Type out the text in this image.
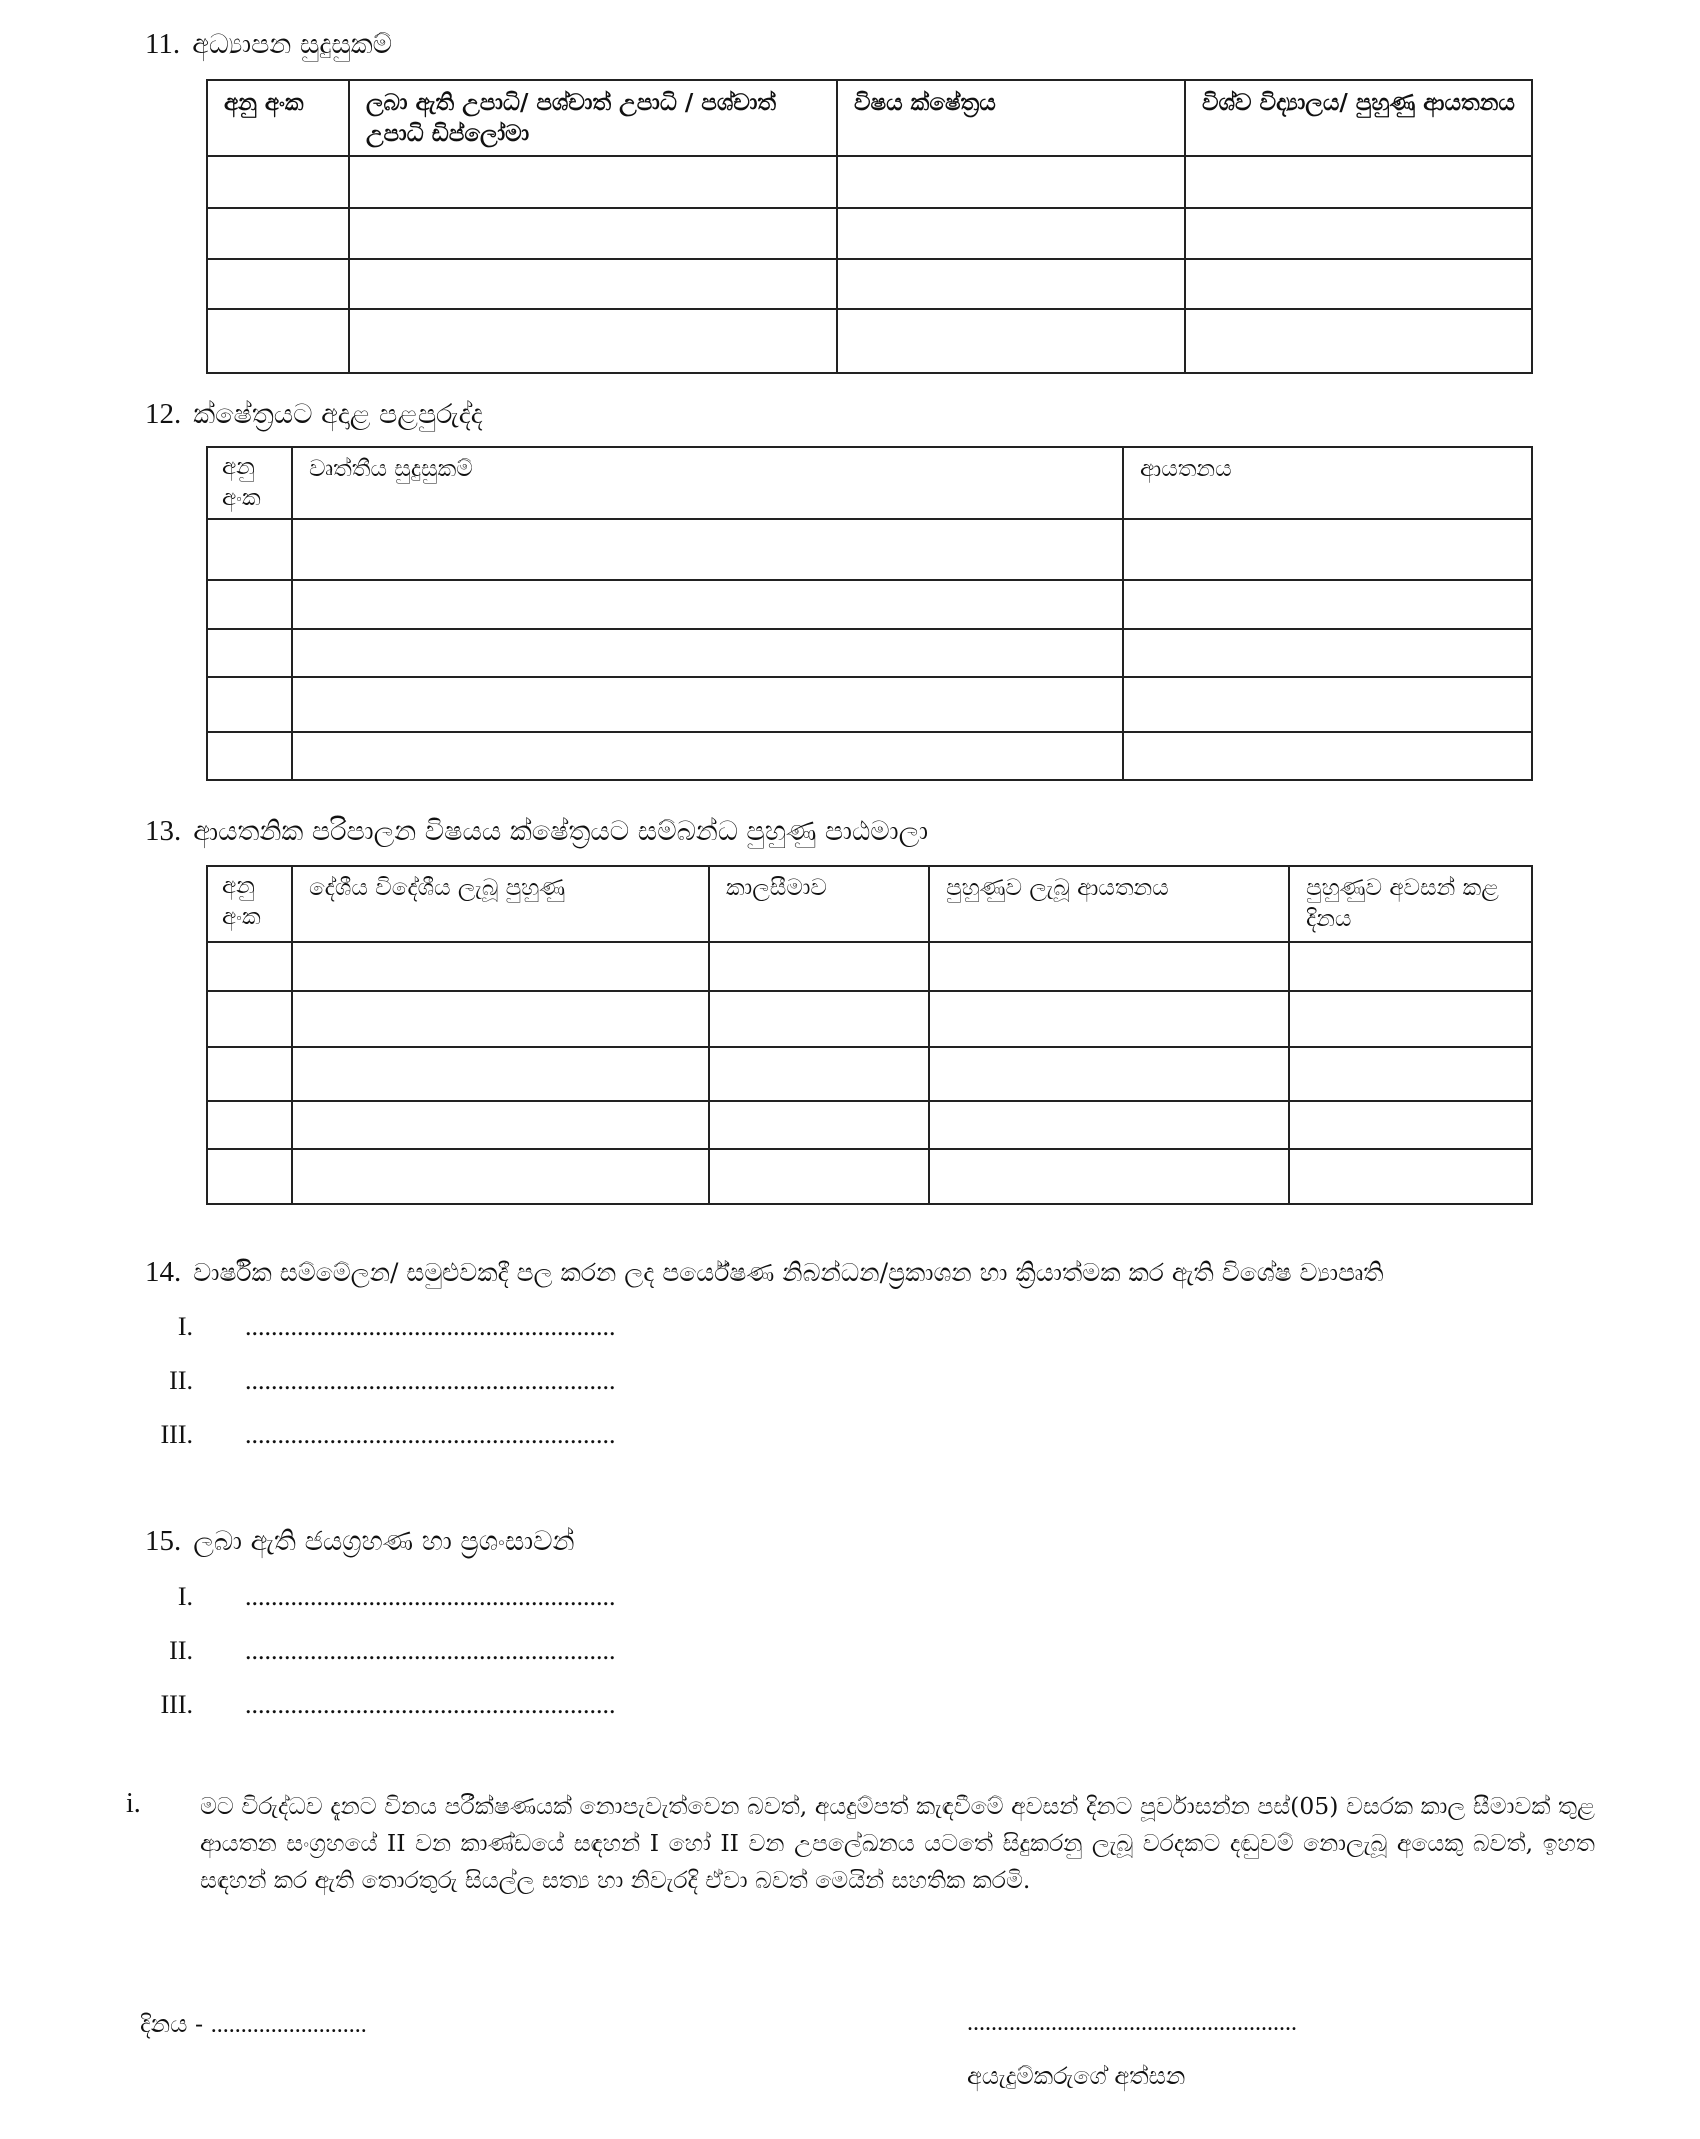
11. අධ්‍යාපන සුදුසුකම්
අනු අංක	ලබා ඇති උපාධි/ පශ්චාත් උපාධි / පශ්චාත් උපාධි ඩිප්ලෝමා	විෂය ක්ෂේත්‍රය	විශ්ව විද්‍යාලය/ පුහුණු ආයතනය

12. ක්ෂේත්‍රයට අදාළ පළපුරුද්ද
අනු අංක	වෘත්තීය සුදුසුකම්	ආයතනය

13. ආයතනික පරිපාලන විෂයය ක්ෂේත්‍රයට සම්බන්ධ පුහුණු පාඨමාලා
අනු අංක	දේශීය විදේශීය ලැබූ පුහුණු	කාලසීමාව	පුහුණුව ලැබූ ආයතනය	පුහුණුව අවසන් කළ දිනය

14. වාර්ෂික සම්මේලන/ සමුළුවකදී පල කරන ලද පර්යේෂණ නිබන්ධන/ප්‍රකාශන හා ක්‍රියාත්මක කර ඇති විශේෂ ව්‍යාපෘති
I. .........................................................
II. .........................................................
III. .........................................................
15. ලබා ඇති ජයග්‍රහණ හා ප්‍රශංසාවන්
I. .........................................................
II. .........................................................
III. .........................................................
i.	මට විරුද්ධව දැනට විනය පරීක්ෂණයක් නොපැවැත්වෙන බවත්, අයදුම්පත් කැඳවීමේ අවසන් දිනට පූර්වාසන්න පස්(05) වසරක කාල සීමාවක් තුළ ආයතන සංග්‍රහයේ II වන කාණ්ඩයේ සඳහන් I හෝ II වන උපලේඛනය යටතේ සිදුකරනු ලැබූ වරදකට දඬුවම් නොලැබූ අයෙකු බවත්, ඉහත සඳහන් කර ඇති තොරතුරු සියල්ල සත්‍ය හා නිවැරදි ඒවා බවත් මෙයින් සහතික කරමි.
දිනය - ..........................	.......................................................
අයැදුම්කරුගේ අත්සන
